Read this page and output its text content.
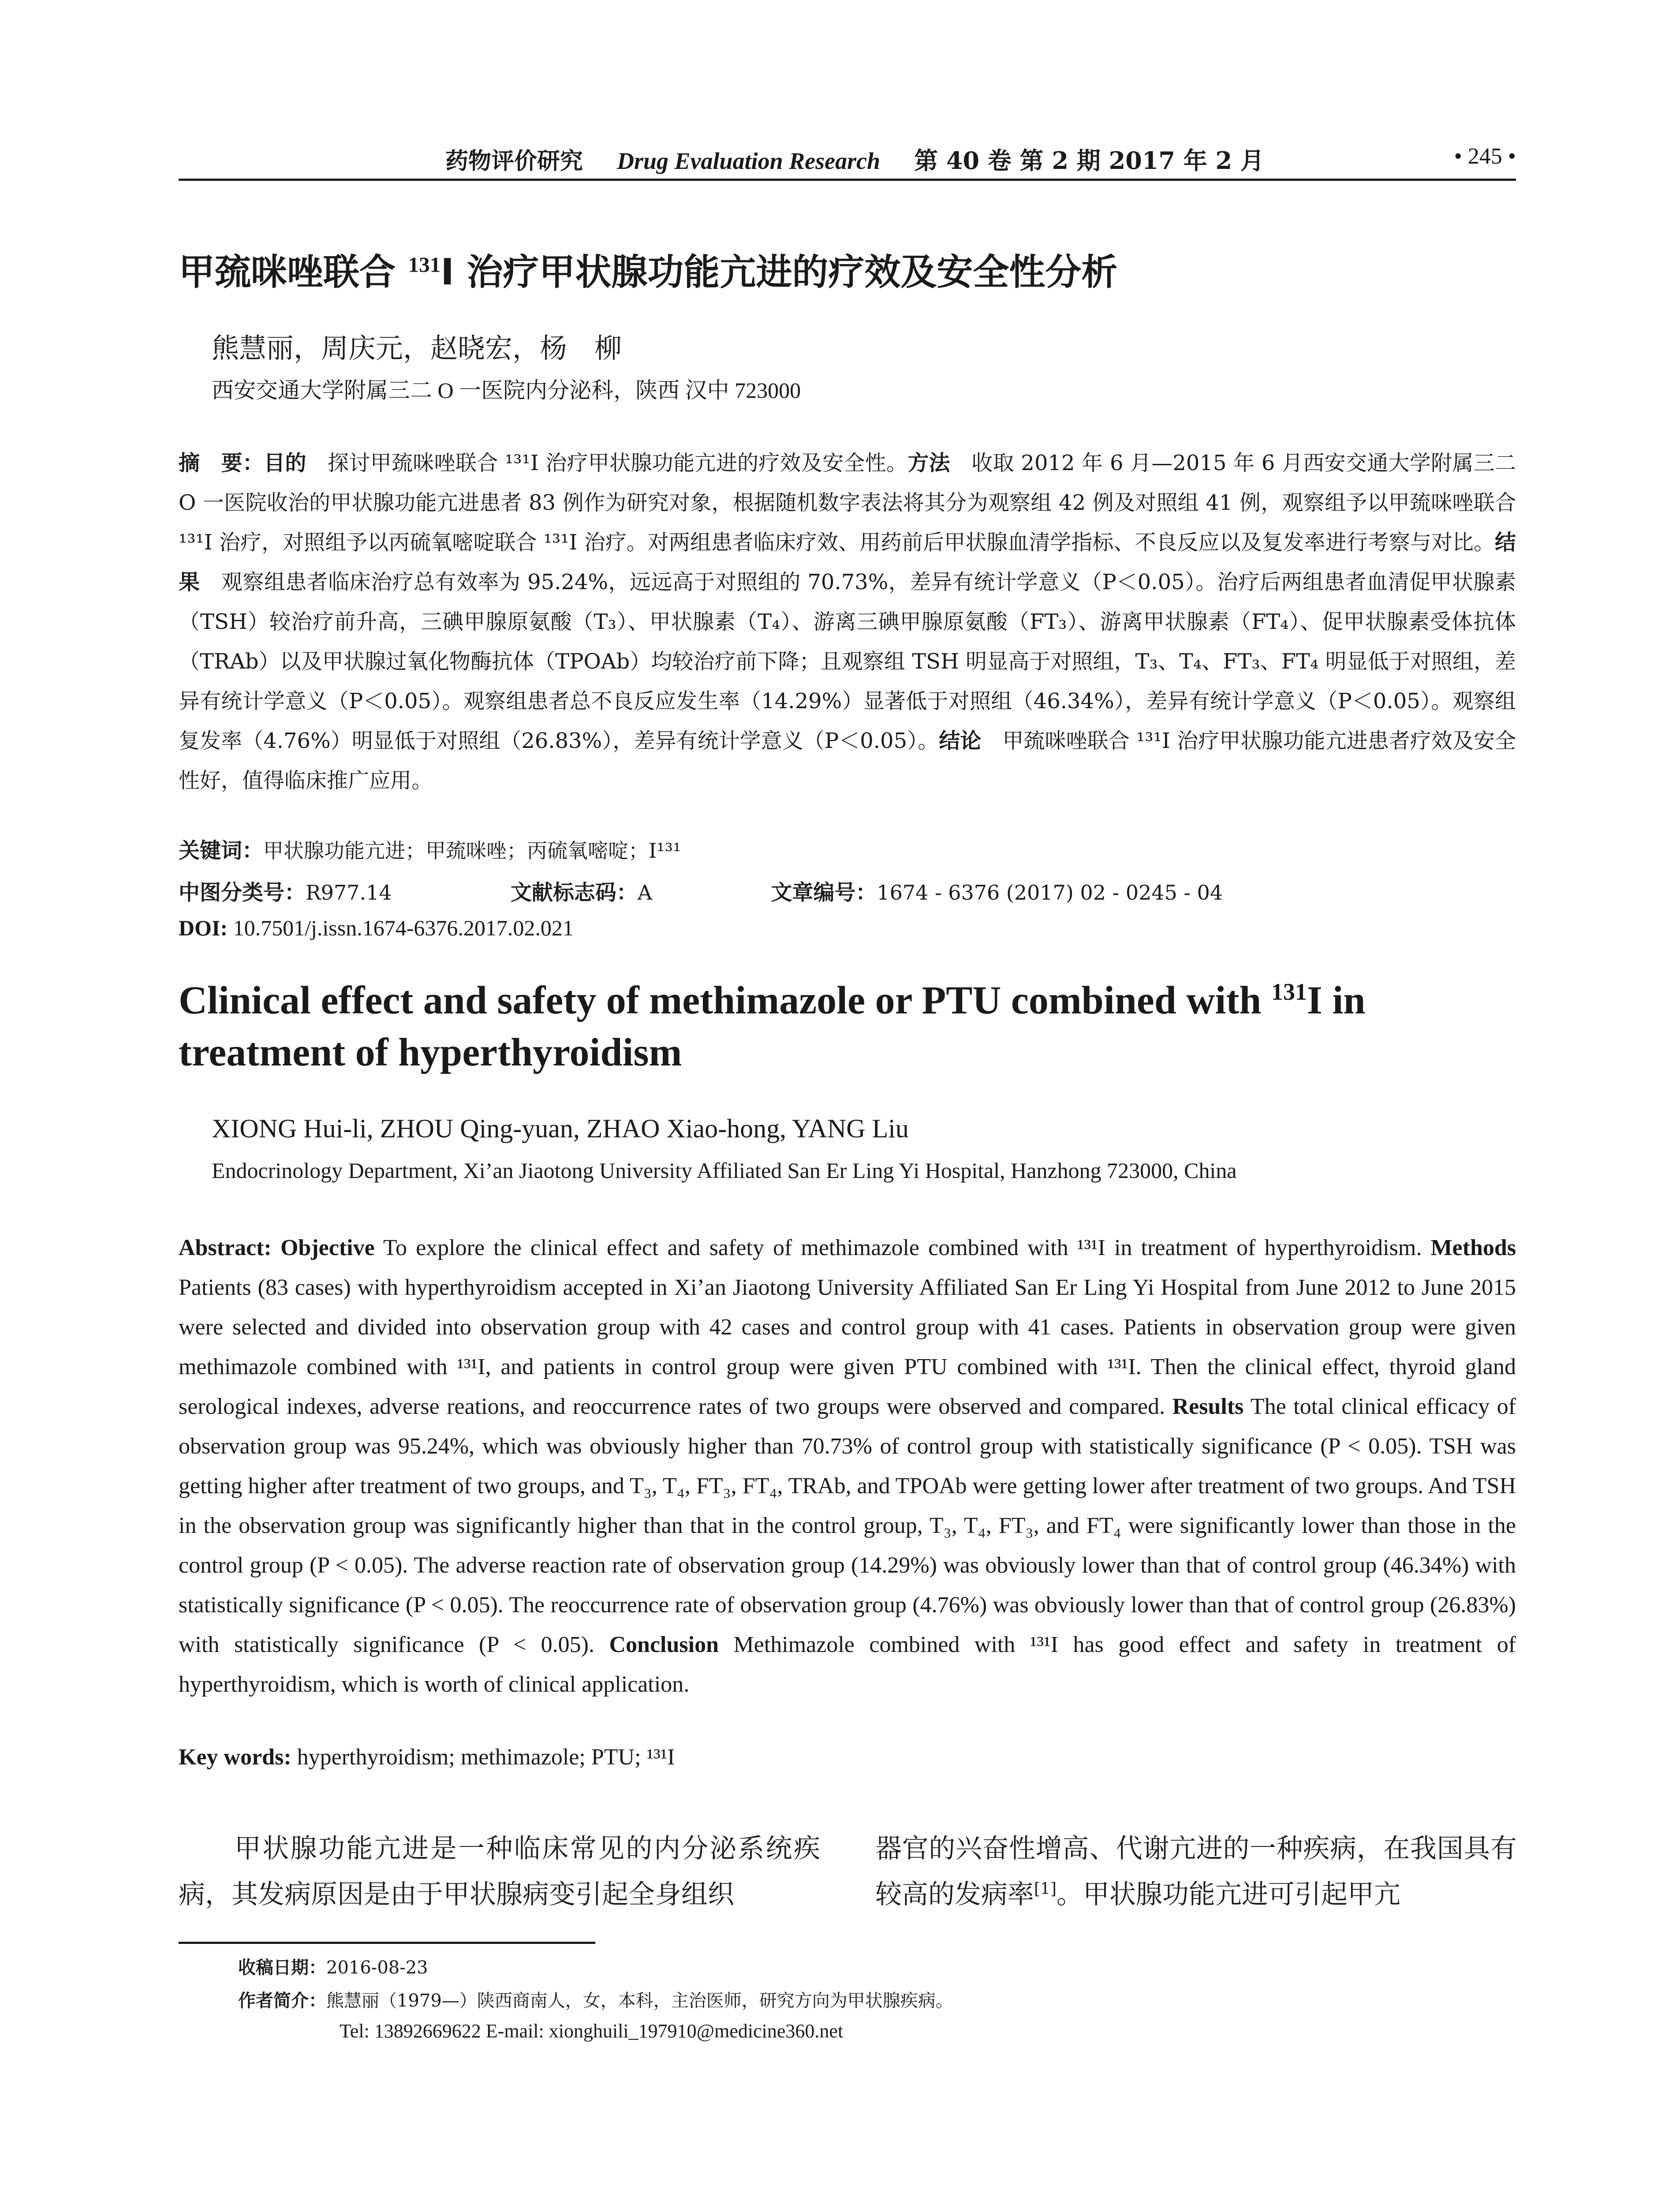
药物评价研究 Drug Evaluation Research 第 40 卷 第 2 期 2017 年 2 月	• 245 •
甲巯咪唑联合 $^{131}$I 治疗甲状腺功能亢进的疗效及安全性分析
熊慧丽，周庆元，赵晓宏，杨　柳
西安交通大学附属三二 O 一医院内分泌科，陕西 汉中 723000
摘　要：目的　探讨甲巯咪唑联合 ¹³¹I 治疗甲状腺功能亢进的疗效及安全性。方法　收取 2012 年 6 月—2015 年 6 月西安交通大学附属三二 O 一医院收治的甲状腺功能亢进患者 83 例作为研究对象，根据随机数字表法将其分为观察组 42 例及对照组 41 例，观察组予以甲巯咪唑联合 ¹³¹I 治疗，对照组予以丙硫氧嘧啶联合 ¹³¹I 治疗。对两组患者临床疗效、用药前后甲状腺血清学指标、不良反应以及复发率进行考察与对比。结果　观察组患者临床治疗总有效率为 95.24%，远远高于对照组的 70.73%，差异有统计学意义（P＜0.05）。治疗后两组患者血清促甲状腺素（TSH）较治疗前升高，三碘甲腺原氨酸（T₃）、甲状腺素（T₄）、游离三碘甲腺原氨酸（FT₃）、游离甲状腺素（FT₄）、促甲状腺素受体抗体（TRAb）以及甲状腺过氧化物酶抗体（TPOAb）均较治疗前下降；且观察组 TSH 明显高于对照组，T₃、T₄、FT₃、FT₄ 明显低于对照组，差异有统计学意义（P＜0.05）。观察组患者总不良反应发生率（14.29%）显著低于对照组（46.34%），差异有统计学意义（P＜0.05）。观察组复发率（4.76%）明显低于对照组（26.83%），差异有统计学意义（P＜0.05）。结论　甲巯咪唑联合 ¹³¹I 治疗甲状腺功能亢进患者疗效及安全性好，值得临床推广应用。
关键词：甲状腺功能亢进；甲巯咪唑；丙硫氧嘧啶；I¹³¹
中图分类号：R977.14	文献标志码：A	文章编号：1674 - 6376 (2017) 02 - 0245 - 04
DOI: 10.7501/j.issn.1674-6376.2017.02.021
Clinical effect and safety of methimazole or PTU combined with $^{131}$I in treatment of hyperthyroidism
XIONG Hui-li, ZHOU Qing-yuan, ZHAO Xiao-hong, YANG Liu
Endocrinology Department, Xi’an Jiaotong University Affiliated San Er Ling Yi Hospital, Hanzhong 723000, China
Abstract: Objective To explore the clinical effect and safety of methimazole combined with ¹³¹I in treatment of hyperthyroidism. Methods Patients (83 cases) with hyperthyroidism accepted in Xi’an Jiaotong University Affiliated San Er Ling Yi Hospital from June 2012 to June 2015 were selected and divided into observation group with 42 cases and control group with 41 cases. Patients in observation group were given methimazole combined with ¹³¹I, and patients in control group were given PTU combined with ¹³¹I. Then the clinical effect, thyroid gland serological indexes, adverse reations, and reoccurrence rates of two groups were observed and compared. Results The total clinical efficacy of observation group was 95.24%, which was obviously higher than 70.73% of control group with statistically significance (P < 0.05). TSH was getting higher after treatment of two groups, and T₃, T₄, FT₃, FT₄, TRAb, and TPOAb were getting lower after treatment of two groups. And TSH in the observation group was significantly higher than that in the control group, T₃, T₄, FT₃, and FT₄ were significantly lower than those in the control group (P < 0.05). The adverse reaction rate of observation group (14.29%) was obviously lower than that of control group (46.34%) with statistically significance (P < 0.05). The reoccurrence rate of observation group (4.76%) was obviously lower than that of control group (26.83%) with statistically significance (P < 0.05). Conclusion Methimazole combined with ¹³¹I has good effect and safety in treatment of hyperthyroidism, which is worth of clinical application.
Key words: hyperthyroidism; methimazole; PTU; ¹³¹I
　　甲状腺功能亢进是一种临床常见的内分泌系统疾病，其发病原因是由于甲状腺病变引起全身组织
器官的兴奋性增高、代谢亢进的一种疾病，在我国具有较高的发病率[1]。甲状腺功能亢进可引起甲亢
收稿日期：2016-08-23
作者简介：熊慧丽（1979—）陕西商南人，女，本科，主治医师，研究方向为甲状腺疾病。
Tel: 13892669622 E-mail: xionghuili_197910@medicine360.net
